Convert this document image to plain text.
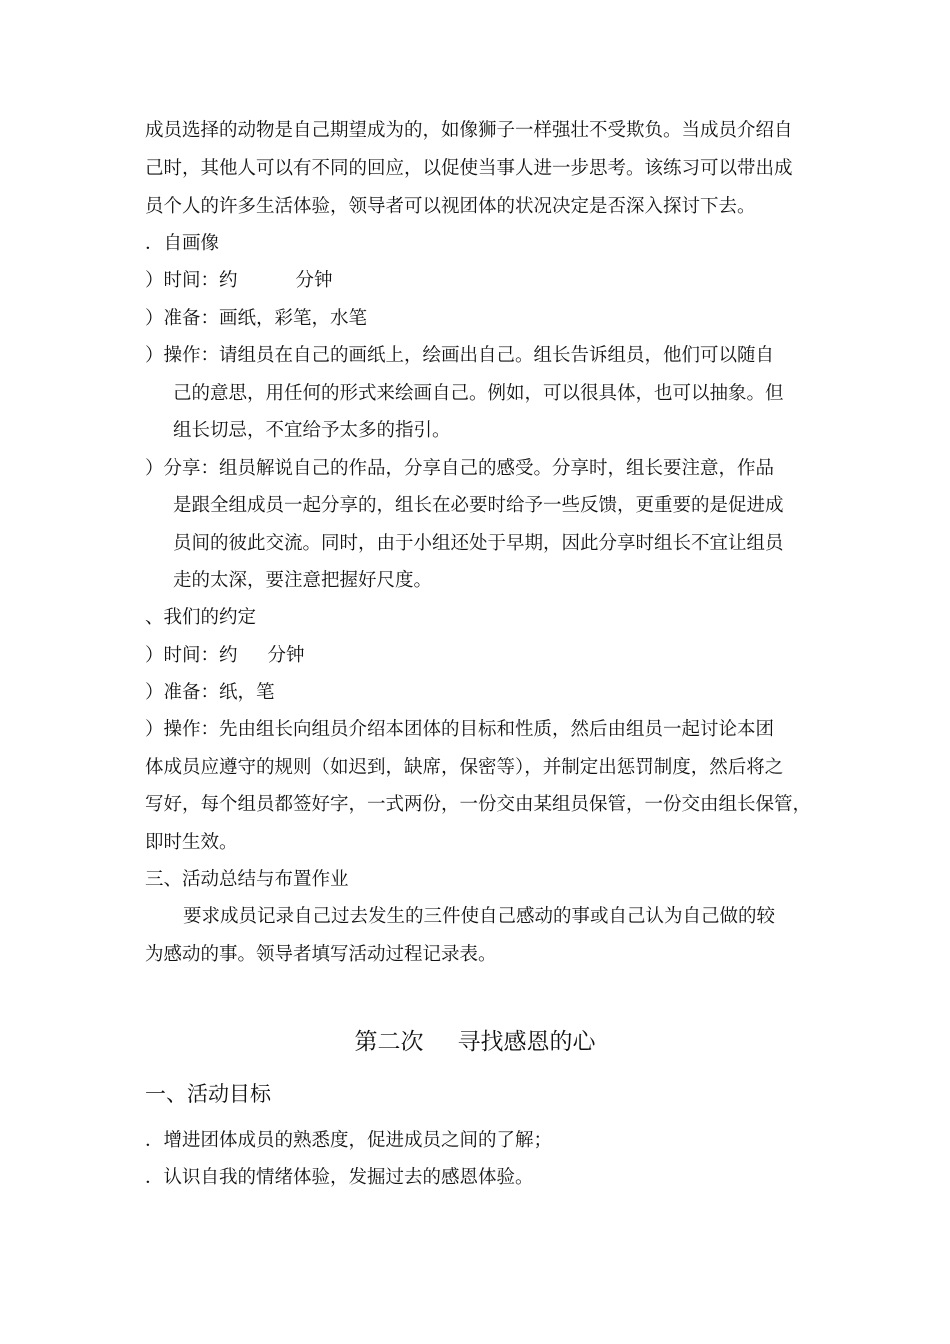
成员选择的动物是自己期望成为的，如像狮子一样强壮不受欺负。当成员介绍自

己时，其他人可以有不同的回应，以促使当事人进一步思考。该练习可以带出成

员个人的许多生活体验，领导者可以视团体的状况决定是否深入探讨下去。

．自画像

）时间：约	分钟

）准备：画纸，彩笔，水笔

）操作：请组员在自己的画纸上，绘画出自己。组长告诉组员，他们可以随自

己的意思，用任何的形式来绘画自己。例如，可以很具体，也可以抽象。但

组长切忌，不宜给予太多的指引。

）分享：组员解说自己的作品，分享自己的感受。分享时，组长要注意，作品

是跟全组成员一起分享的，组长在必要时给予一些反馈，更重要的是促进成

员间的彼此交流。同时，由于小组还处于早期，因此分享时组长不宜让组员

走的太深，要注意把握好尺度。

、我们的约定

）时间：约 分钟

）准备：纸，笔

）操作：先由组长向组员介绍本团体的目标和性质，然后由组员一起讨论本团

体成员应遵守的规则（如迟到，缺席，保密等），并制定出惩罚制度，然后将之

写好，每个组员都签好字，一式两份，一份交由某组员保管，一份交由组长保管，

即时生效。

三、活动总结与布置作业

要求成员记录自己过去发生的三件使自己感动的事或自己认为自己做的较

为感动的事。领导者填写活动过程记录表。

第二次 寻找感恩的心

一、活动目标

．增进团体成员的熟悉度，促进成员之间的了解；

．认识自我的情绪体验，发掘过去的感恩体验。
